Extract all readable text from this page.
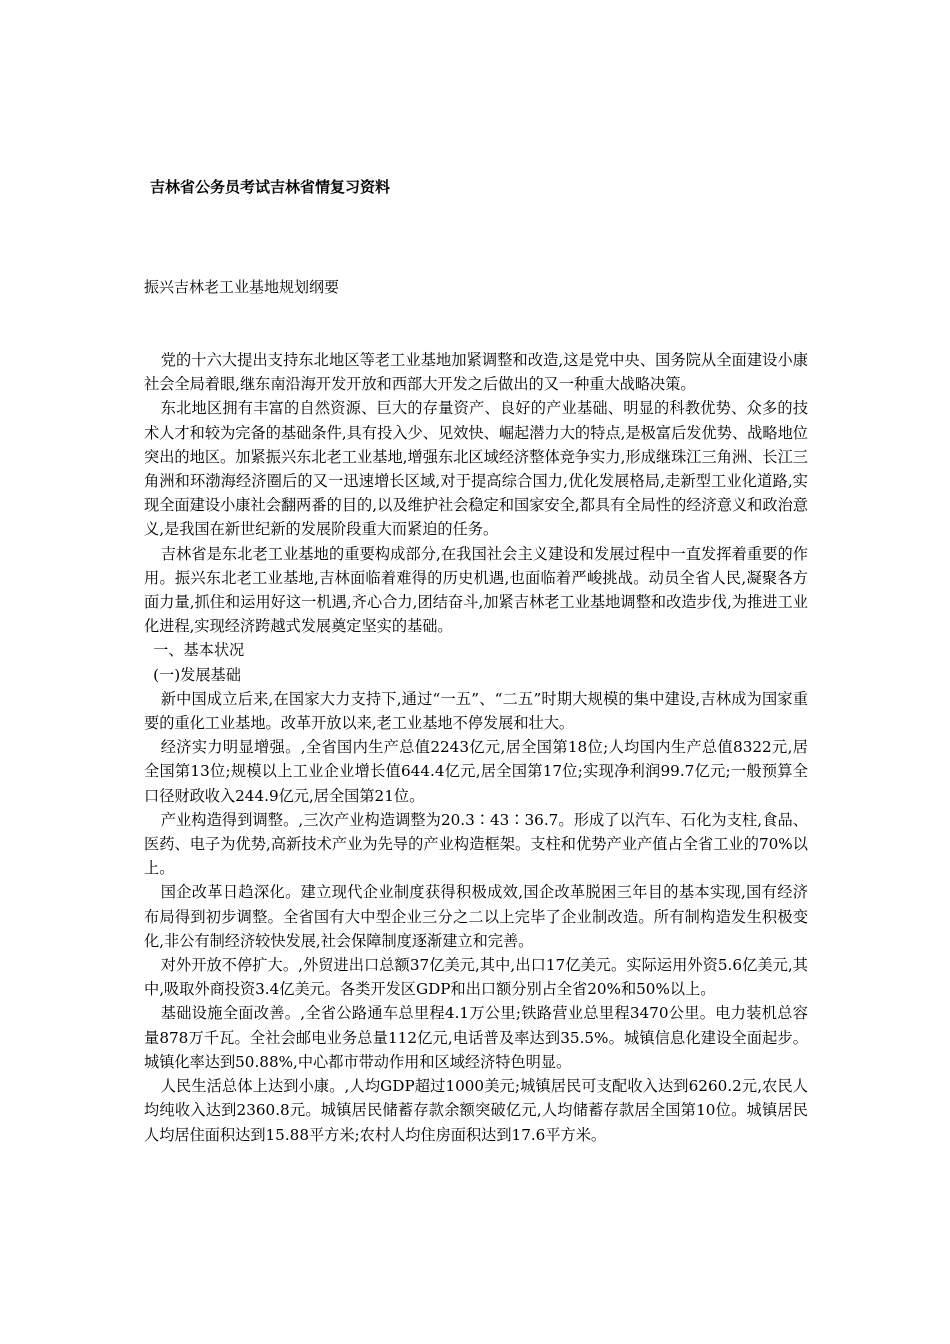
吉林省公务员考试吉林省情复习资料
振兴吉林老工业基地规划纲要

党的十六大提出支持东北地区等老工业基地加紧调整和改造,这是党中央、国务院从全面建设小康社会全局着眼,继东南沿海开发开放和西部大开发之后做出的又一种重大战略决策。

东北地区拥有丰富的自然资源、巨大的存量资产、良好的产业基础、明显的科教优势、众多的技术人才和较为完备的基础条件,具有投入少、见效快、崛起潜力大的特点,是极富后发优势、战略地位突出的地区。加紧振兴东北老工业基地,增强东北区域经济整体竞争实力,形成继珠江三角洲、长江三角洲和环渤海经济圈后的又一迅速增长区域,对于提高综合国力,优化发展格局,走新型工业化道路,实现全面建设小康社会翻两番的目的,以及维护社会稳定和国家安全,都具有全局性的经济意义和政治意义,是我国在新世纪新的发展阶段重大而紧迫的任务。

吉林省是东北老工业基地的重要构成部分,在我国社会主义建设和发展过程中一直发挥着重要的作用。振兴东北老工业基地,吉林面临着难得的历史机遇,也面临着严峻挑战。动员全省人民,凝聚各方面力量,抓住和运用好这一机遇,齐心合力,团结奋斗,加紧吉林老工业基地调整和改造步伐,为推进工业化进程,实现经济跨越式发展奠定坚实的基础。

一、基本状况

(一)发展基础

新中国成立后来,在国家大力支持下,通过“一五”、“二五”时期大规模的集中建设,吉林成为国家重要的重化工业基地。改革开放以来,老工业基地不停发展和壮大。

经济实力明显增强。,全省国内生产总值2243亿元,居全国第18位;人均国内生产总值8322元,居全国第13位;规模以上工业企业增长值644.4亿元,居全国第17位;实现净利润99.7亿元;一般预算全口径财政收入244.9亿元,居全国第21位。

产业构造得到调整。,三次产业构造调整为20.3∶43∶36.7。形成了以汽车、石化为支柱,食品、医药、电子为优势,高新技术产业为先导的产业构造框架。支柱和优势产业产值占全省工业的70%以上。

国企改革日趋深化。建立现代企业制度获得积极成效,国企改革脱困三年目的基本实现,国有经济布局得到初步调整。全省国有大中型企业三分之二以上完毕了企业制改造。所有制构造发生积极变化,非公有制经济较快发展,社会保障制度逐渐建立和完善。

对外开放不停扩大。,外贸进出口总额37亿美元,其中,出口17亿美元。实际运用外资5.6亿美元,其中,吸取外商投资3.4亿美元。各类开发区GDP和出口额分别占全省20%和50%以上。

基础设施全面改善。,全省公路通车总里程4.1万公里;铁路营业总里程3470公里。电力装机总容量878万千瓦。全社会邮电业务总量112亿元,电话普及率达到35.5%。城镇信息化建设全面起步。城镇化率达到50.88%,中心都市带动作用和区域经济特色明显。

人民生活总体上达到小康。,人均GDP超过1000美元;城镇居民可支配收入达到6260.2元,农民人均纯收入达到2360.8元。城镇居民储蓄存款余额突破亿元,人均储蓄存款居全国第10位。城镇居民人均居住面积达到15.88平方米;农村人均住房面积达到17.6平方米。
